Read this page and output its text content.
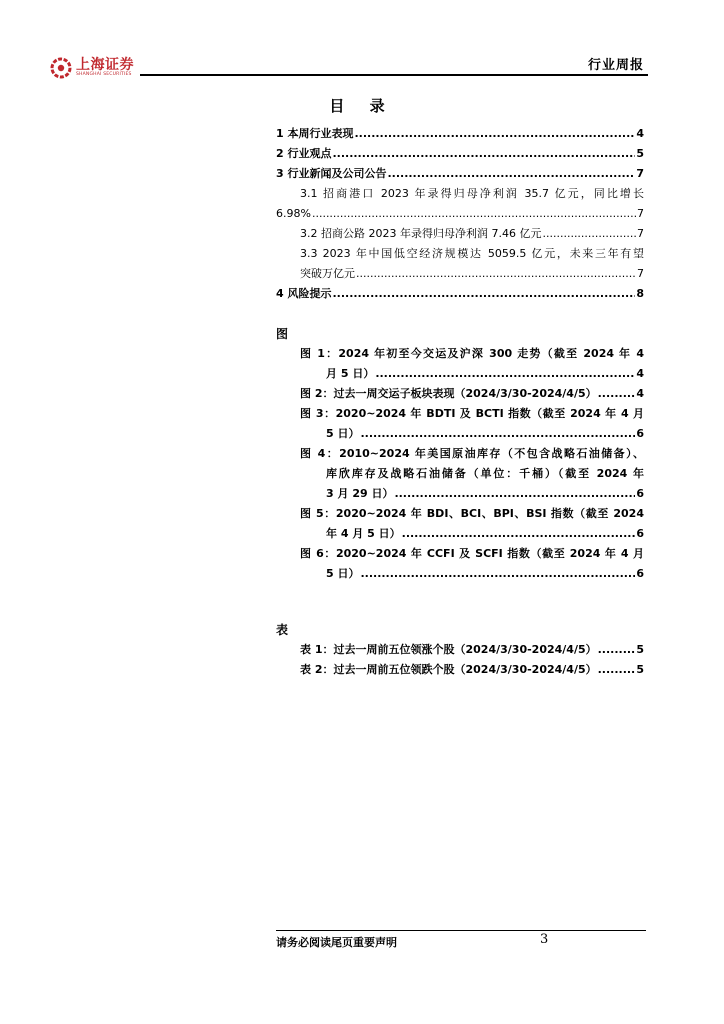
上海证券
SHANGHAI SECURITIES
行业周报
目 录
1 本周行业表现 .....	4
2 行业观点 .....	5
3 行业新闻及公司公告 .....	7
3.1 招商港口 2023 年录得归母净利润 35.7 亿元，同比增长
6.98% .....	7
3.2 招商公路 2023 年录得归母净利润 7.46 亿元 .....	7
3.3 2023 年中国低空经济规模达 5059.5 亿元，未来三年有望
突破万亿元 .....	7
4 风险提示 .....	8
图
图 1：2024 年初至今交运及沪深 300 走势（截至 2024 年 4
月 5 日） .....	4
图 2：过去一周交运子板块表现（2024/3/30-2024/4/5） .....	4
图 3：2020~2024 年 BDTI 及 BCTI 指数（截至 2024 年 4 月
5 日） .....	6
图 4：2010~2024 年美国原油库存（不包含战略石油储备）、
库欣库存及战略石油储备（单位：千桶）（截至 2024 年
3 月 29 日） .....	6
图 5：2020~2024 年 BDI、BCI、BPI、BSI 指数（截至 2024
年 4 月 5 日） .....	6
图 6：2020~2024 年 CCFI 及 SCFI 指数（截至 2024 年 4 月
5 日） .....	6
表
表 1：过去一周前五位领涨个股（2024/3/30-2024/4/5） .....	5
表 2：过去一周前五位领跌个股（2024/3/30-2024/4/5） .....	5
请务必阅读尾页重要声明	3
